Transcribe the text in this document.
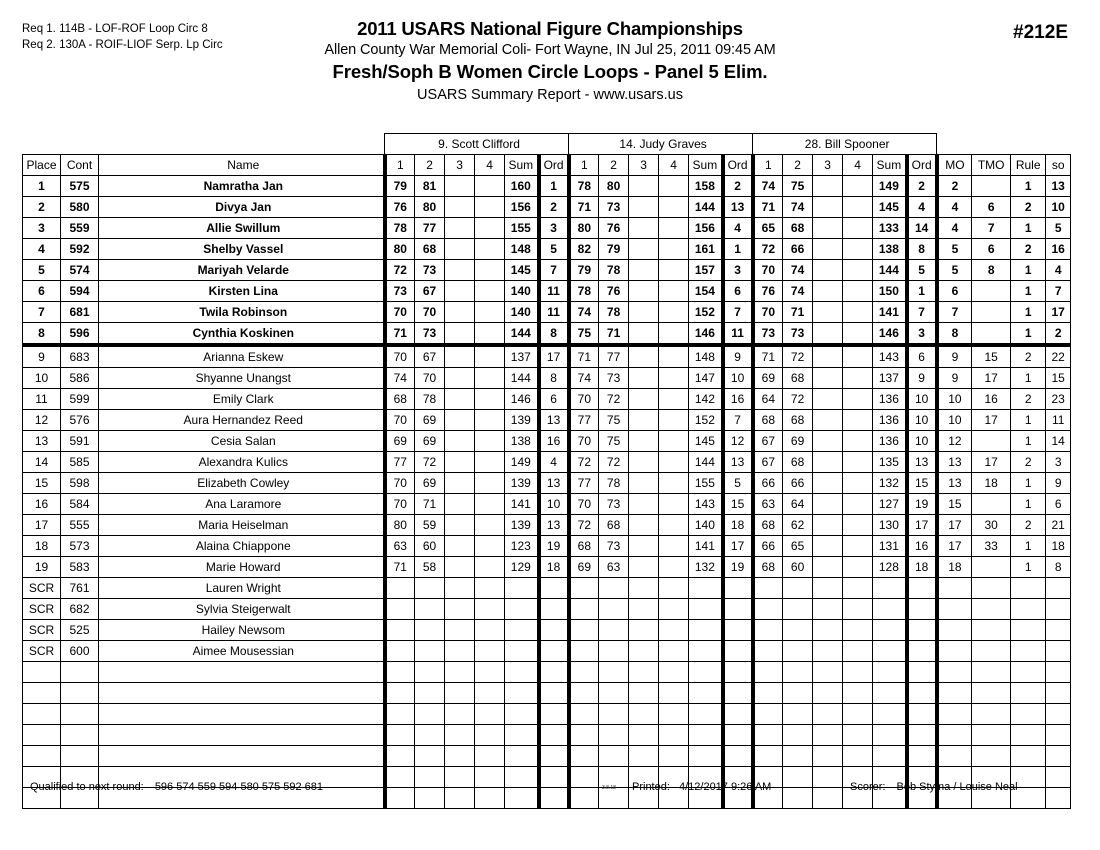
Req 1. 114B - LOF-ROF Loop Circ 8
Req 2. 130A - ROIF-LIOF Serp. Lp Circ
2011 USARS National Figure Championships
Allen County War Memorial Coli- Fort Wayne, IN Jul 25, 2011 09:45 AM
Fresh/Soph B Women Circle Loops - Panel 5 Elim.
USARS Summary Report - www.usars.us
#212E
			9. Scott Clifford						14. Judy Graves						28. Bill Spooner									
Place	Cont	Name	1	2	3	4	Sum	Ord	1	2	3	4	Sum	Ord	1	2	3	4	Sum	Ord	MO	TMO	Rule	so
1	575	Namratha Jan	79	81			160	1	78	80			158	2	74	75			149	2	2		1	13
2	580	Divya Jan	76	80			156	2	71	73			144	13	71	74			145	4	4	6	2	10
3	559	Allie Swillum	78	77			155	3	80	76			156	4	65	68			133	14	4	7	1	5
4	592	Shelby Vassel	80	68			148	5	82	79			161	1	72	66			138	8	5	6	2	16
5	574	Mariyah Velarde	72	73			145	7	79	78			157	3	70	74			144	5	5	8	1	4
6	594	Kirsten Lina	73	67			140	11	78	76			154	6	76	74			150	1	6		1	7
7	681	Twila Robinson	70	70			140	11	74	78			152	7	70	71			141	7	7		1	17
8	596	Cynthia Koskinen	71	73			144	8	75	71			146	11	73	73			146	3	8		1	2
9	683	Arianna Eskew	70	67			137	17	71	77			148	9	71	72			143	6	9	15	2	22
10	586	Shyanne Unangst	74	70			144	8	74	73			147	10	69	68			137	9	9	17	1	15
11	599	Emily Clark	68	78			146	6	70	72			142	16	64	72			136	10	10	16	2	23
12	576	Aura Hernandez Reed	70	69			139	13	77	75			152	7	68	68			136	10	10	17	1	11
13	591	Cesia Salan	69	69			138	16	70	75			145	12	67	69			136	10	12		1	14
14	585	Alexandra Kulics	77	72			149	4	72	72			144	13	67	68			135	13	13	17	2	3
15	598	Elizabeth Cowley	70	69			139	13	77	78			155	5	66	66			132	15	13	18	1	9
16	584	Ana Laramore	70	71			141	10	70	73			143	15	63	64			127	19	15		1	6
17	555	Maria Heiselman	80	59			139	13	72	68			140	18	68	62			130	17	17	30	2	21
18	573	Alaina Chiappone	63	60			123	19	68	73			141	17	66	65			131	16	17	33	1	18
19	583	Marie Howard	71	58			129	18	69	63			132	19	68	60			128	18	18		1	8
SCR	761	Lauren Wright																						
SCR	682	Sylvia Steigerwalt																						
SCR	525	Hailey Newsom																						
SCR	600	Aimee Mousessian																						

Qualified to next round: 596 574 559 594 580 575 592 681	3.8.18 Printed: 4/12/2017 9:26 AM	Scorer: Bob Styma / Louise Neal
